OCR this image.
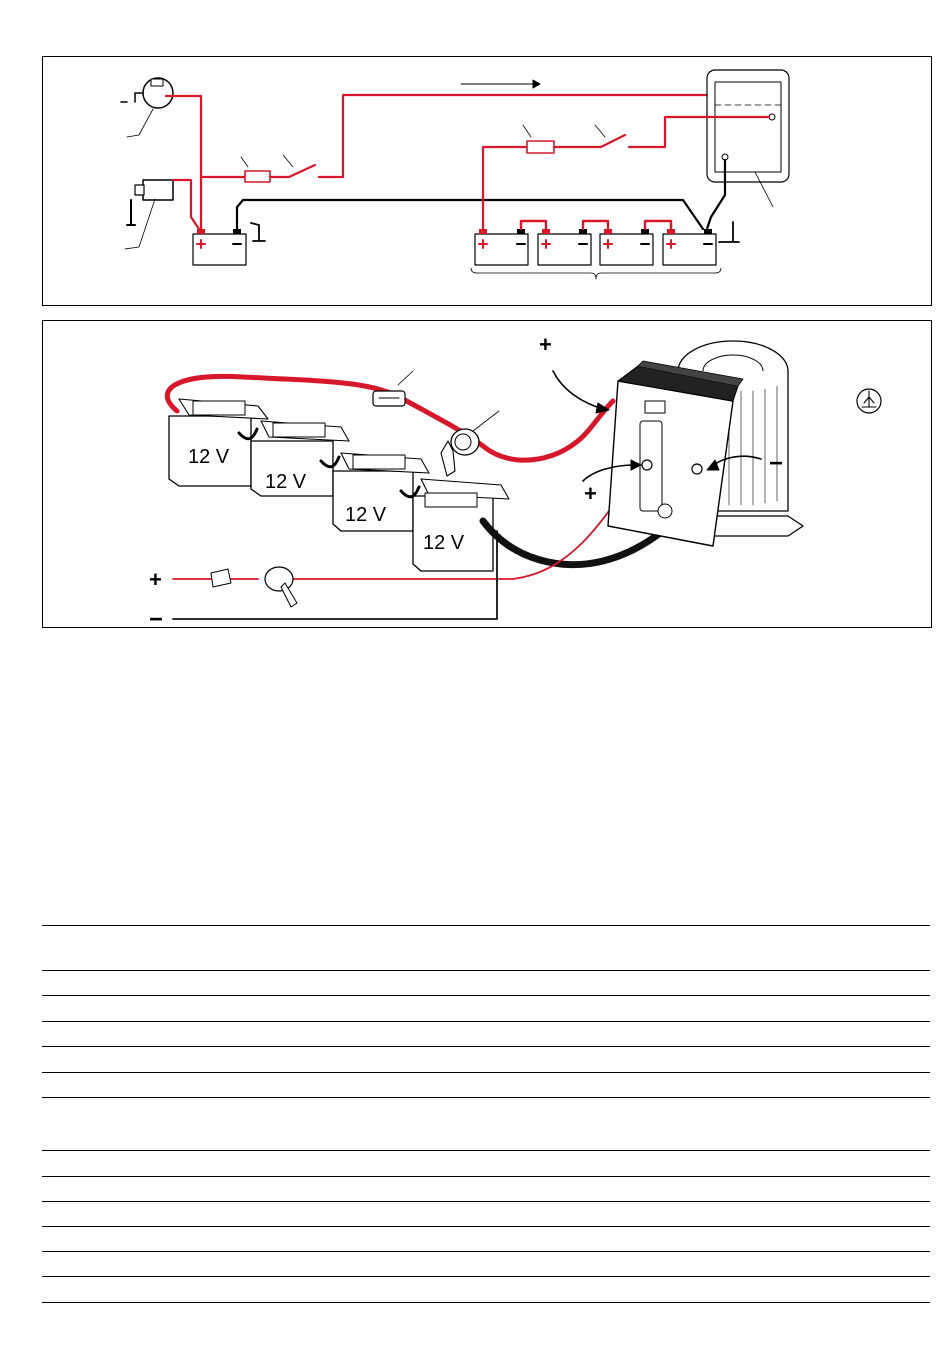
12 V
12 V
12 V
12 V
+
+
−
+
−
